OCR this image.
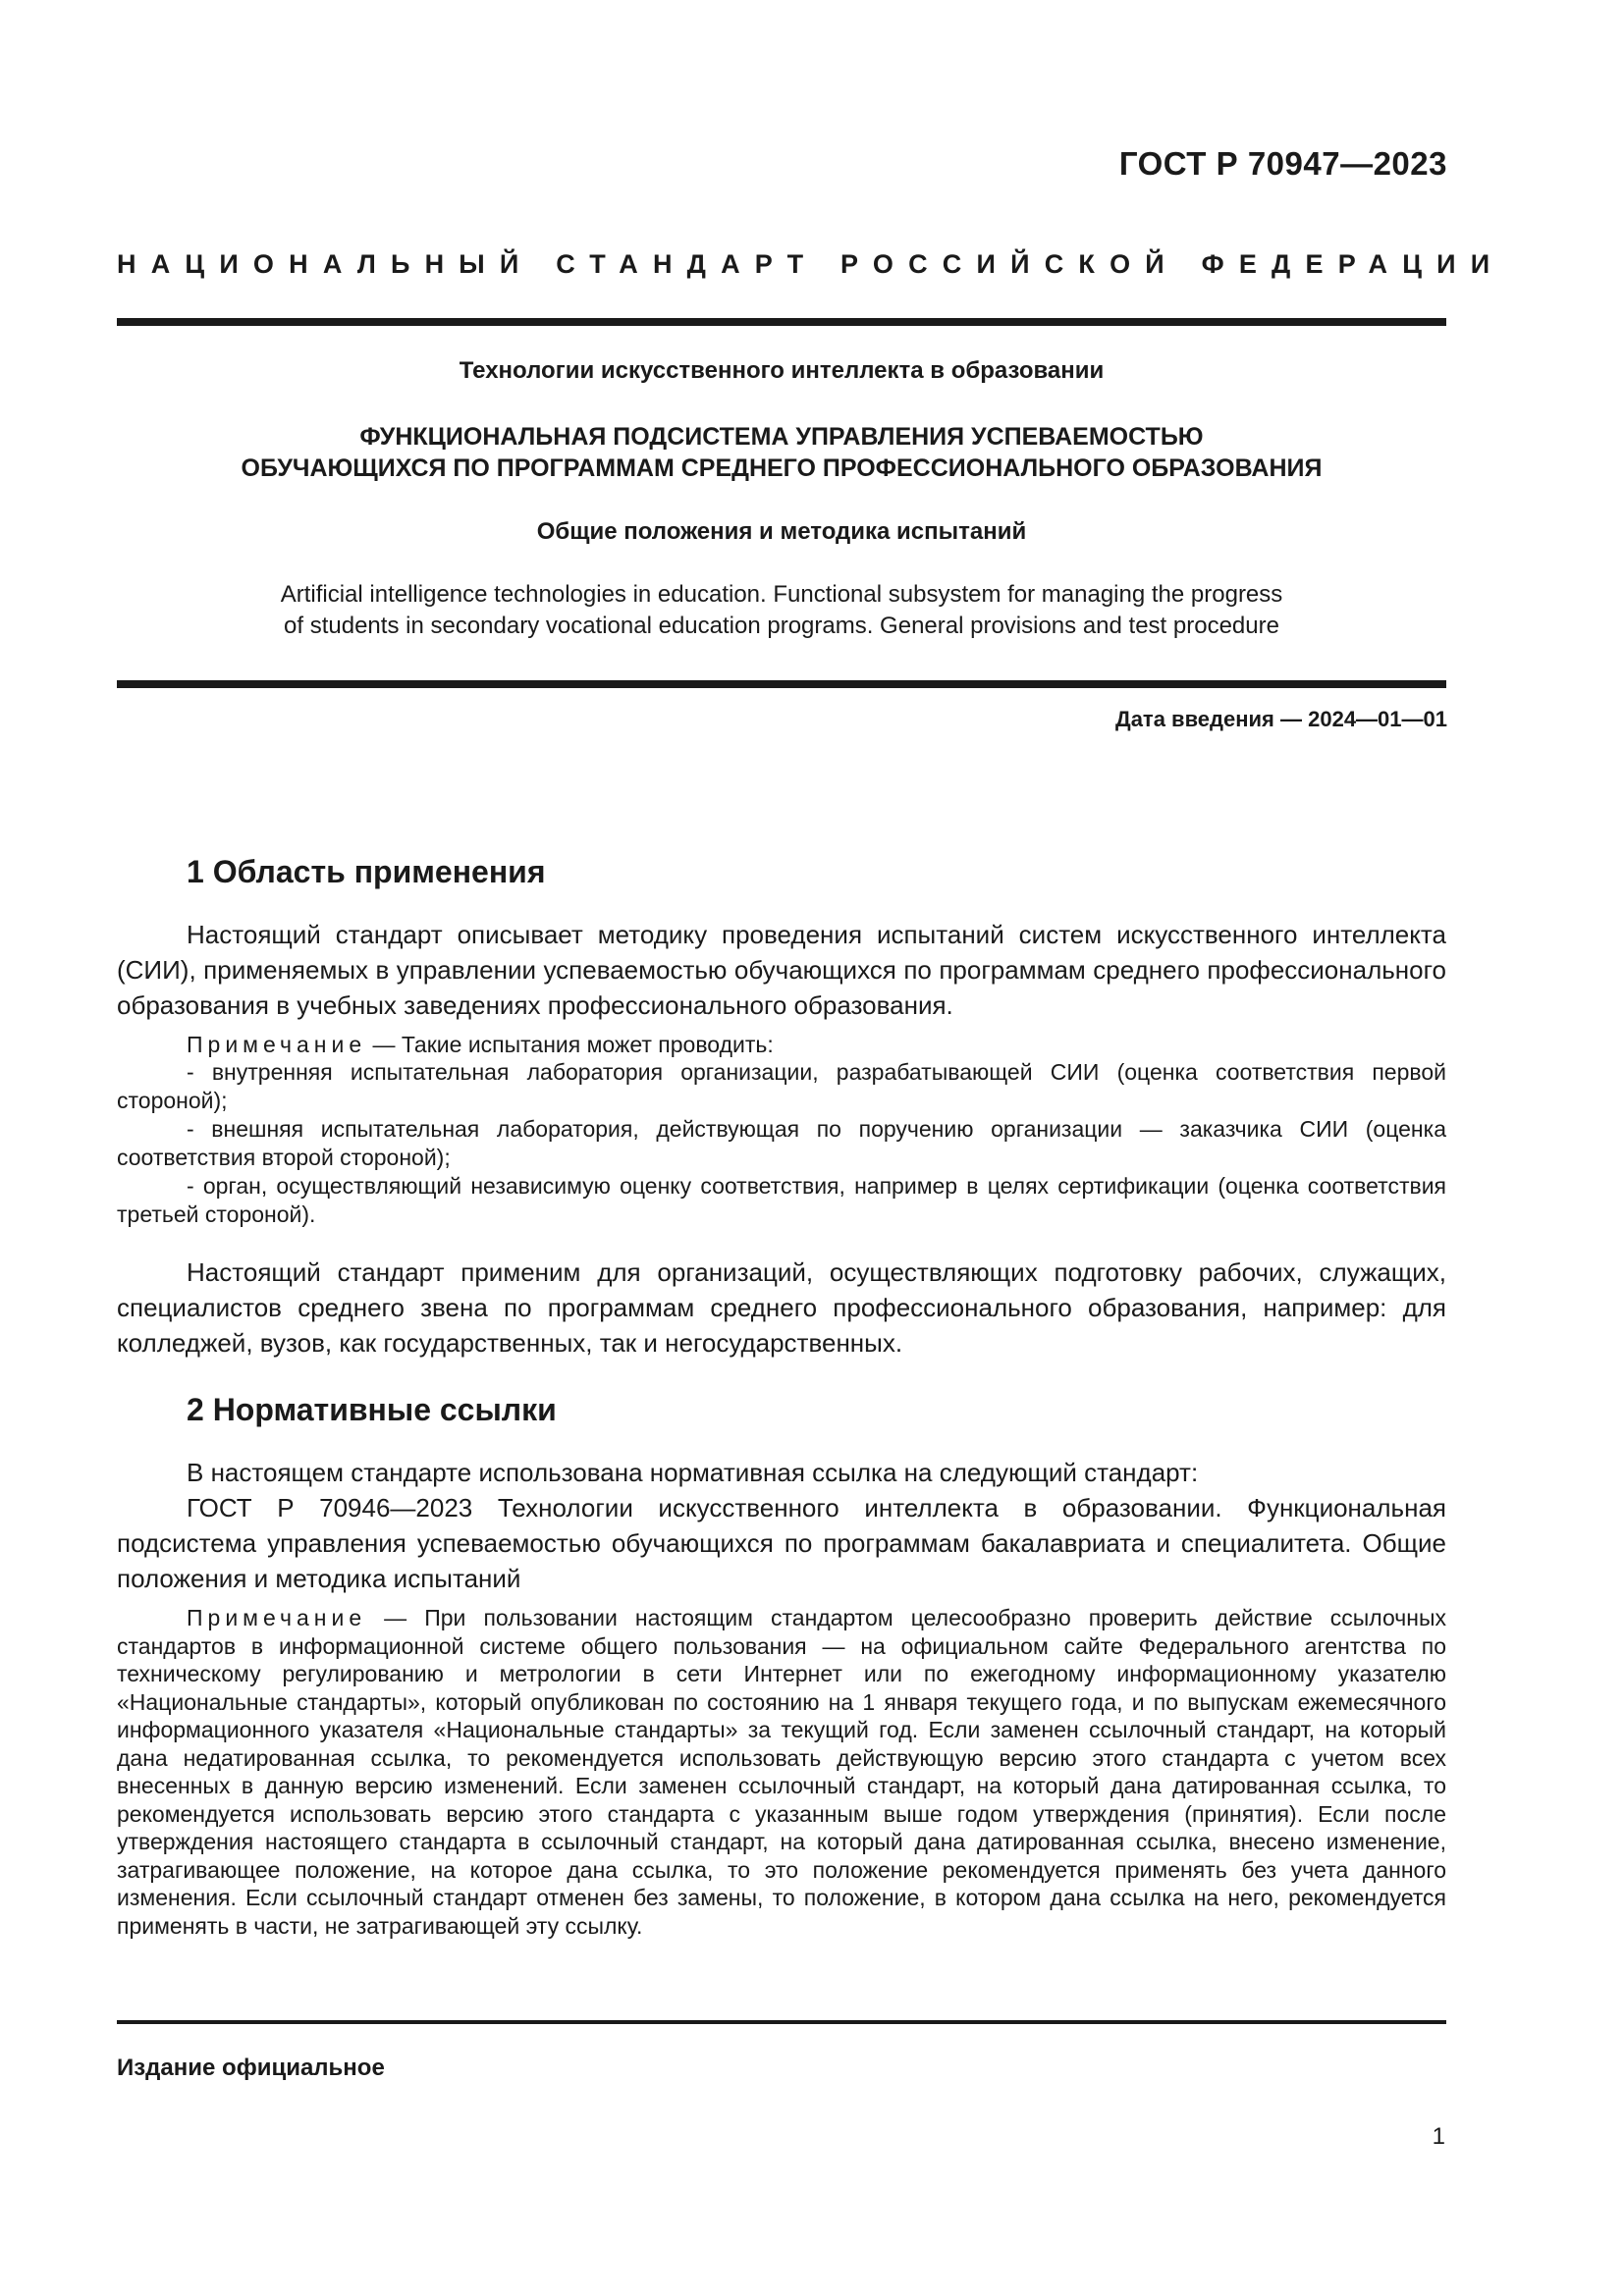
ГОСТ Р 70947—2023
НАЦИОНАЛЬНЫЙ СТАНДАРТ РОССИЙСКОЙ ФЕДЕРАЦИИ
Технологии искусственного интеллекта в образовании
ФУНКЦИОНАЛЬНАЯ ПОДСИСТЕМА УПРАВЛЕНИЯ УСПЕВАЕМОСТЬЮ
ОБУЧАЮЩИХСЯ ПО ПРОГРАММАМ СРЕДНЕГО ПРОФЕССИОНАЛЬНОГО ОБРАЗОВАНИЯ
Общие положения и методика испытаний
Artificial intelligence technologies in education. Functional subsystem for managing the progress
of students in secondary vocational education programs. General provisions and test procedure
Дата введения — 2024—01—01
1 Область применения
Настоящий стандарт описывает методику проведения испытаний систем искусственного интеллекта (СИИ), применяемых в управлении успеваемостью обучающихся по программам среднего профессионального образования в учебных заведениях профессионального образования.
Примечание — Такие испытания может проводить:
- внутренняя испытательная лаборатория организации, разрабатывающей СИИ (оценка соответствия первой стороной);
- внешняя испытательная лаборатория, действующая по поручению организации — заказчика СИИ (оценка соответствия второй стороной);
- орган, осуществляющий независимую оценку соответствия, например в целях сертификации (оценка соответствия третьей стороной).
Настоящий стандарт применим для организаций, осуществляющих подготовку рабочих, служащих, специалистов среднего звена по программам среднего профессионального образования, например: для колледжей, вузов, как государственных, так и негосударственных.
2 Нормативные ссылки
В настоящем стандарте использована нормативная ссылка на следующий стандарт:
ГОСТ Р 70946—2023 Технологии искусственного интеллекта в образовании. Функциональная подсистема управления успеваемостью обучающихся по программам бакалавриата и специалитета. Общие положения и методика испытаний
Примечание — При пользовании настоящим стандартом целесообразно проверить действие ссылочных стандартов в информационной системе общего пользования — на официальном сайте Федерального агентства по техническому регулированию и метрологии в сети Интернет или по ежегодному информационному указателю «Национальные стандарты», который опубликован по состоянию на 1 января текущего года, и по выпускам ежемесячного информационного указателя «Национальные стандарты» за текущий год. Если заменен ссылочный стандарт, на который дана недатированная ссылка, то рекомендуется использовать действующую версию этого стандарта с учетом всех внесенных в данную версию изменений. Если заменен ссылочный стандарт, на который дана датированная ссылка, то рекомендуется использовать версию этого стандарта с указанным выше годом утверждения (принятия). Если после утверждения настоящего стандарта в ссылочный стандарт, на который дана датированная ссылка, внесено изменение, затрагивающее положение, на которое дана ссылка, то это положение рекомендуется применять без учета данного изменения. Если ссылочный стандарт отменен без замены, то положение, в котором дана ссылка на него, рекомендуется применять в части, не затрагивающей эту ссылку.
Издание официальное
1
